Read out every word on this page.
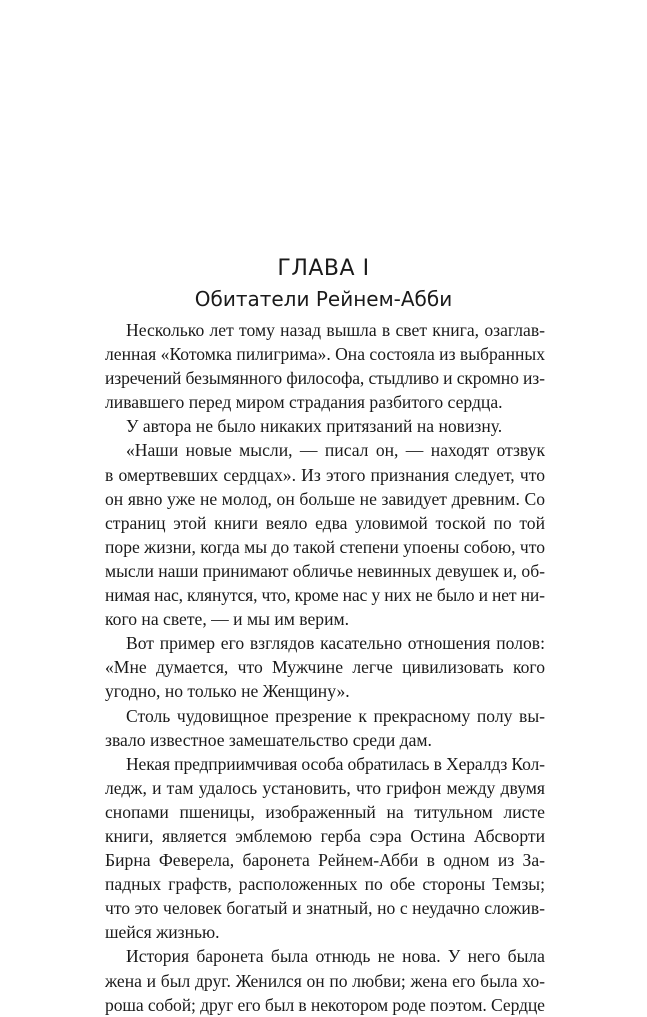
ГЛАВА I
Обитатели Рейнем-Абби
Несколько лет тому назад вышла в свет книга, озаглав-
ленная «Котомка пилигрима». Она состояла из выбранных
изречений безымянного философа, стыдливо и скромно из-
ливавшего перед миром страдания разбитого сердца.
У автора не было никаких притязаний на новизну.
«Наши новые мысли, — писал он, — находят отзвук
в омертвевших сердцах». Из этого признания следует, что
он явно уже не молод, он больше не завидует древним. Со
страниц этой книги веяло едва уловимой тоской по той
поре жизни, когда мы до такой степени упоены собою, что
мысли наши принимают обличье невинных девушек и, об-
нимая нас, клянутся, что, кроме нас у них не было и нет ни-
кого на свете, — и мы им верим.
Вот пример его взглядов касательно отношения полов:
«Мне думается, что Мужчине легче цивилизовать кого
угодно, но только не Женщину».
Столь чудовищное презрение к прекрасному полу вы-
звало известное замешательство среди дам.
Некая предприимчивая особа обратилась в Хералдз Кол-
ледж, и там удалось установить, что грифон между двумя
снопами пшеницы, изображенный на титульном листе
книги, является эмблемою герба сэра Остина Абсворти
Бирна Феверела, баронета Рейнем-Абби в одном из За-
падных графств, расположенных по обе стороны Темзы;
что это человек богатый и знатный, но с неудачно сложив-
шейся жизнью.
История баронета была отнюдь не нова. У него была
жена и был друг. Женился он по любви; жена его была хо-
роша собой; друг его был в некотором роде поэтом. Сердце
